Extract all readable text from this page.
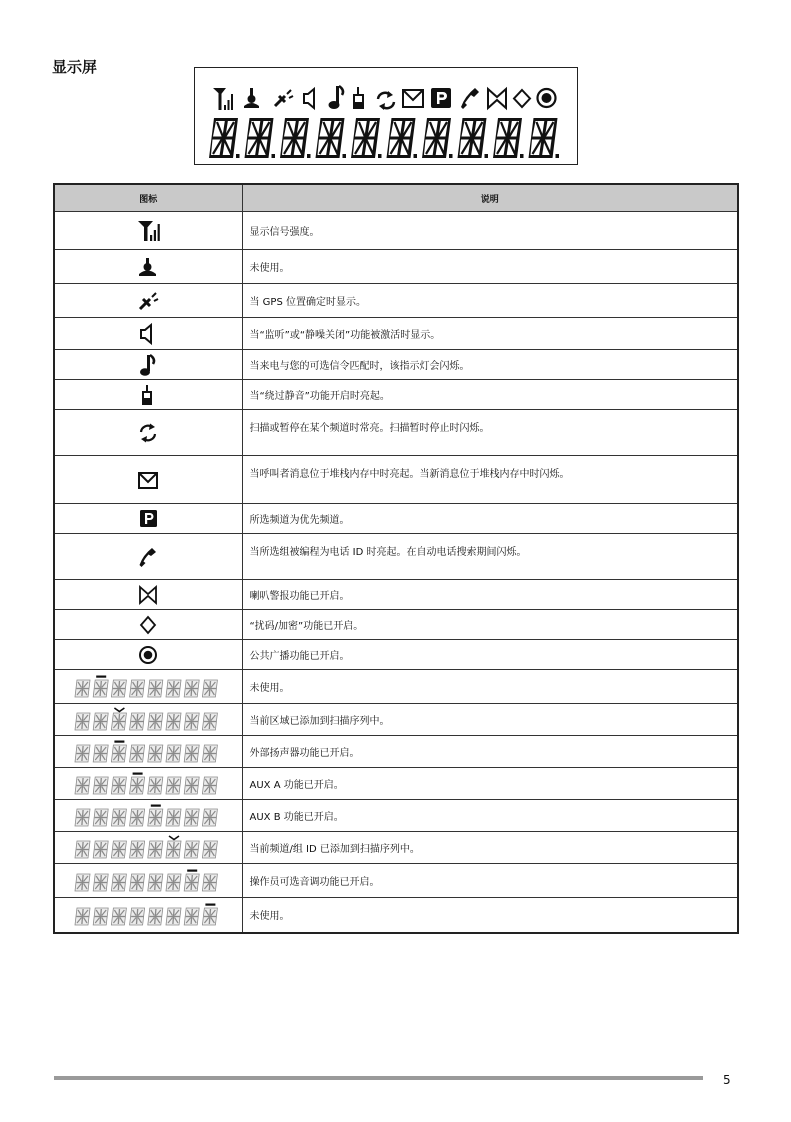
显示屏
图标	说明
	显示信号强度。
	未使用。
	当 GPS 位置确定时显示。
	当“监听”或“静噪关闭”功能被激活时显示。
	当来电与您的可选信令匹配时，该指示灯会闪烁。
	当“绕过静音”功能开启时亮起。
	扫描或暂停在某个频道时常亮。扫描暂时停止时闪烁。
	当呼叫者消息位于堆栈内存中时亮起。当新消息位于堆栈内存中时闪烁。
	所选频道为优先频道。
	当所选组被编程为电话 ID 时亮起。在自动电话搜索期间闪烁。
	喇叭警报功能已开启。
	“扰码/加密”功能已开启。
	公共广播功能已开启。
	未使用。
	当前区域已添加到扫描序列中。
	外部扬声器功能已开启。
	AUX A 功能已开启。
	AUX B 功能已开启。
	当前频道/组 ID 已添加到扫描序列中。
	操作员可选音调功能已开启。
	未使用。
5
